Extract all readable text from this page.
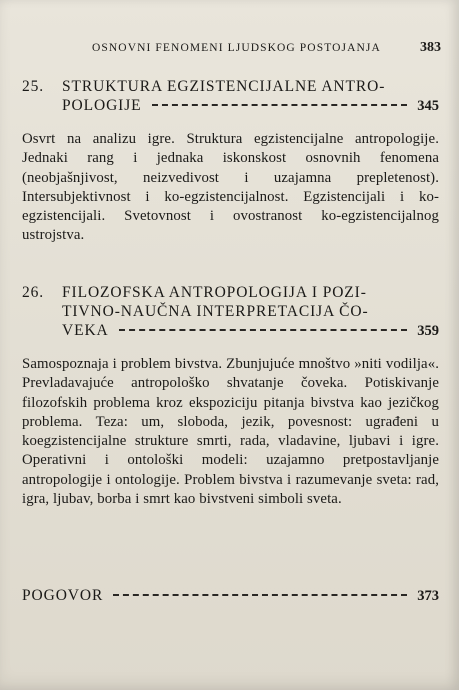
OSNOVNI FENOMENI LJUDSKOG POSTOJANJA	383
25.	STRUKTURA EGZISTENCIJALNE ANTRO-
POLOGIJE	345

Osvrt na analizu igre. Struktura egzistencijalne antropologije. Jednaki rang i jednaka iskonskost osnovnih fenomena (neobjašnjivost, neizvedivost i uzajamna prepletenost). Intersubjektivnost i ko-egzistencijalnost. Egzistencijali i ko-egzistencijali. Svetovnost i ovostranost ko-egzistencijalnog ustrojstva.

26.	FILOZOFSKA ANTROPOLOGIJA I POZI-
TIVNO-NAUČNA INTERPRETACIJA ČO-
VEKA	359

Samospoznaja i problem bivstva. Zbunjujuće mnoštvo »niti vodilja«. Prevladavajuće antropološko shvatanje čoveka. Potiskivanje filozofskih problema kroz ekspoziciju pitanja bivstva kao jezičkog problema. Teza: um, sloboda, jezik, povesnost: ugrađeni u koegzistencijalne strukture smrti, rada, vladavine, ljubavi i igre. Operativni i ontološki modeli: uzajamno pretpostavljanje antropologije i ontologije. Problem bivstva i razumevanje sveta: rad, igra, ljubav, borba i smrt kao bivstveni simboli sveta.

POGOVOR	373
